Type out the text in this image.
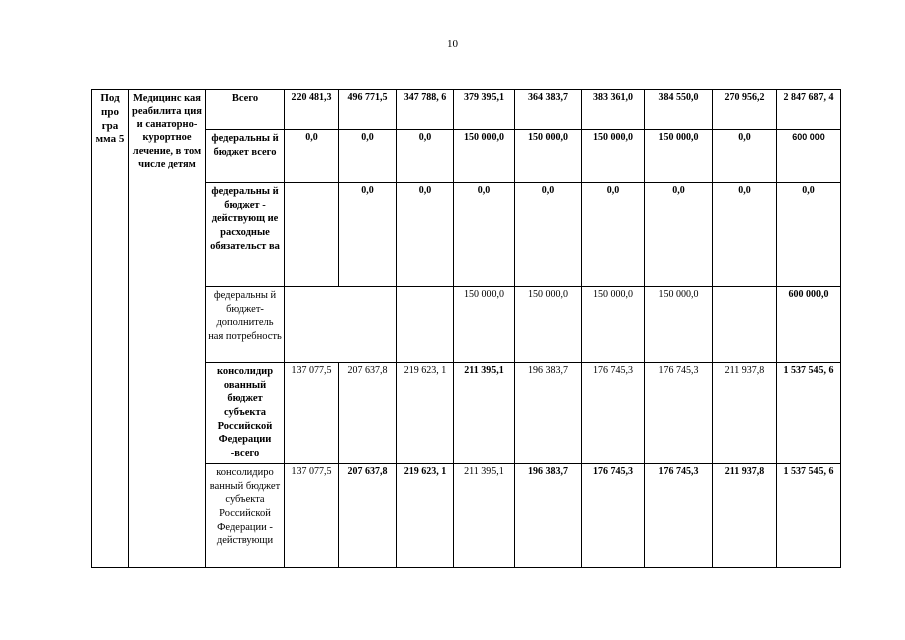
10
Под про гра мма 5	Медицинс кая реабилита ция и санаторно-курортное лечение, в том числе детям	Всего	220 481,3	496 771,5	347 788, 6	379 395,1	364 383,7	383 361,0	384 550,0	270 956,2	2 847 687, 4
		федеральны й бюджет всего	0,0	0,0	0,0	150 000,0	150 000,0	150 000,0	150 000,0	0,0	600 000
		федеральны й бюджет - действующ ие расходные обязательст ва		0,0	0,0	0,0	0,0	0,0	0,0	0,0	0,0
		федеральны й бюджет-дополнитель ная потребность				150 000,0	150 000,0	150 000,0	150 000,0		600 000,0
		консолидир ованный бюджет субъекта Российской Федерации -всего	137 077,5	207 637,8	219 623, 1	211 395,1	196 383,7	176 745,3	176 745,3	211 937,8	1 537 545, 6
		консолидиро ванный бюджет субъекта Российской Федерации - действующи	137 077,5	207 637,8	219 623, 1	211 395,1	196 383,7	176 745,3	176 745,3	211 937,8	1 537 545, 6
